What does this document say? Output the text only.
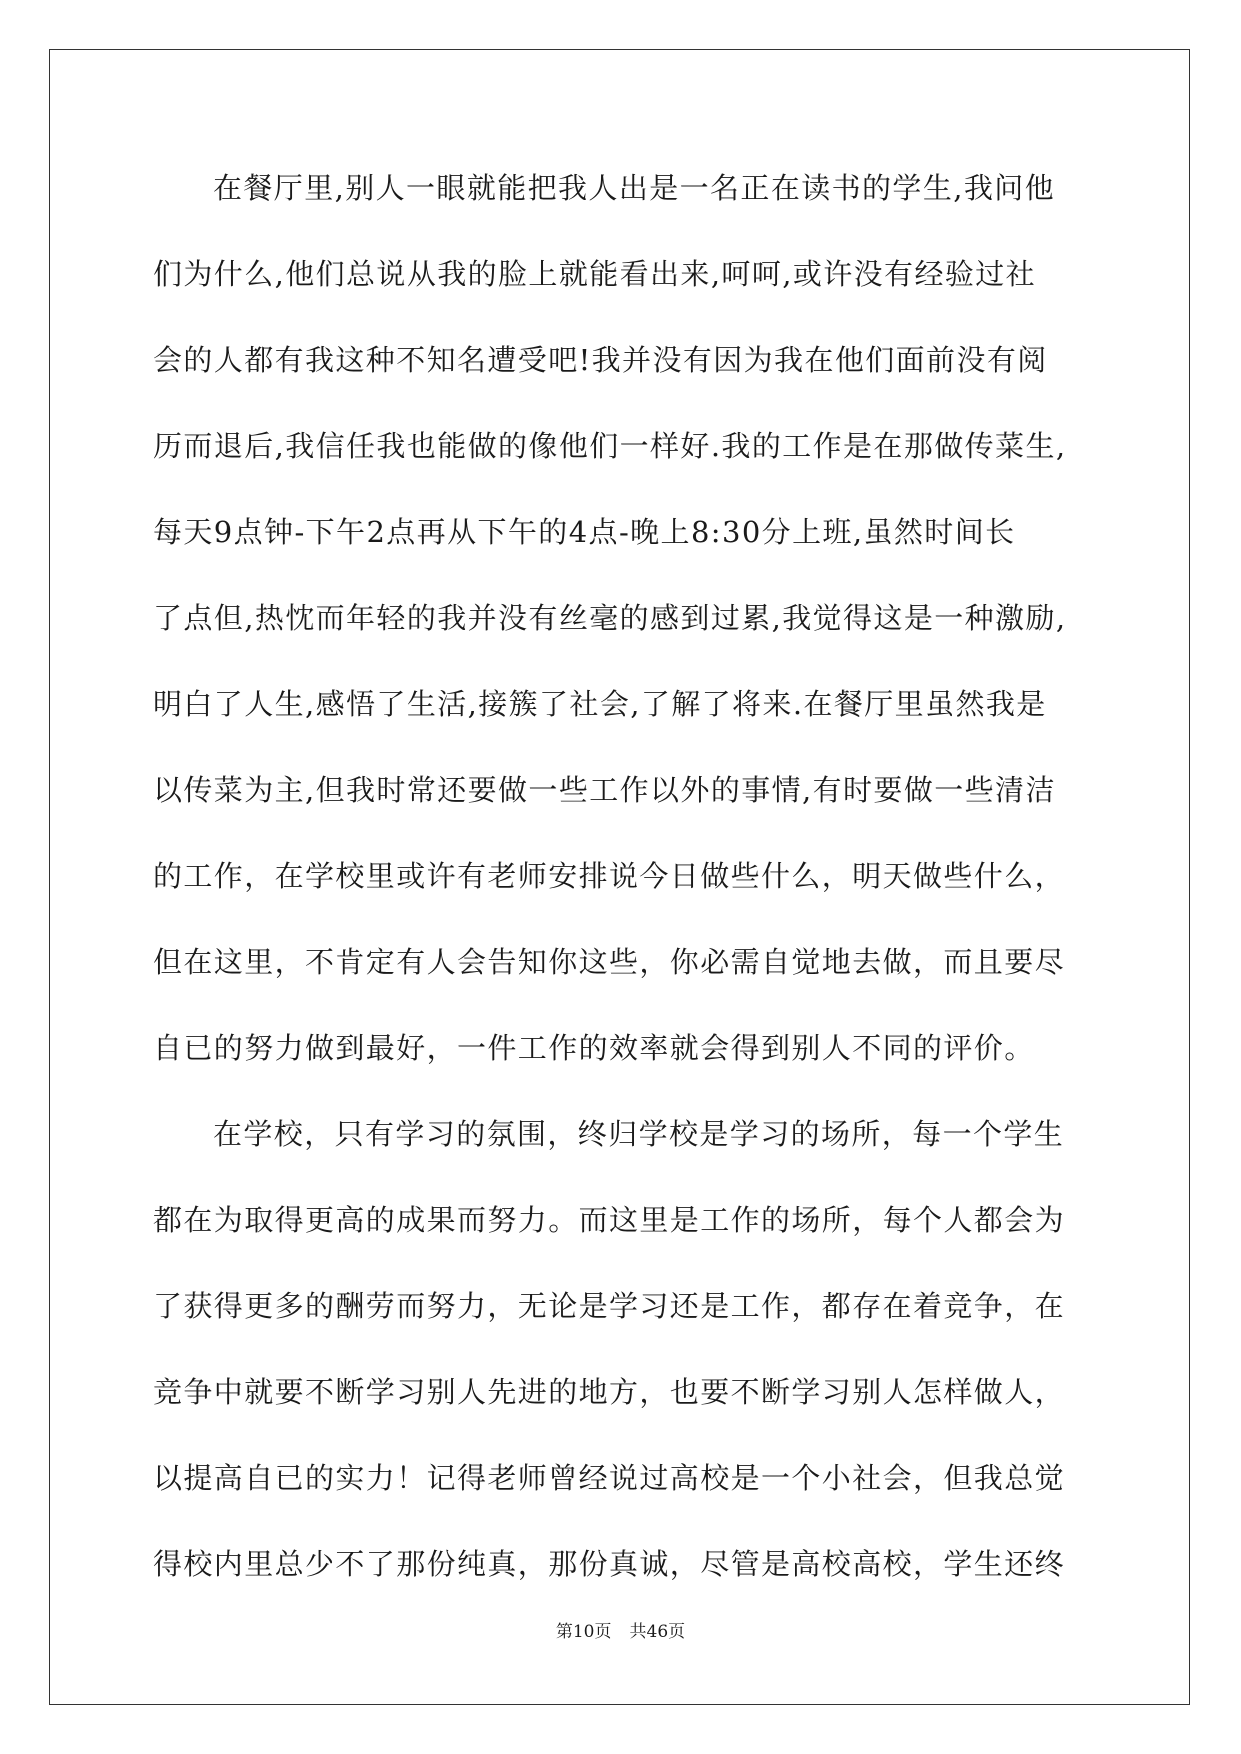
在餐厅里,别人一眼就能把我人出是一名正在读书的学生,我问他
们为什么,他们总说从我的脸上就能看出来,呵呵,或许没有经验过社
会的人都有我这种不知名遭受吧!我并没有因为我在他们面前没有阅
历而退后,我信任我也能做的像他们一样好.我的工作是在那做传菜生,
每天9点钟-下午2点再从下午的4点-晚上8:30分上班,虽然时间长
了点但,热忱而年轻的我并没有丝毫的感到过累,我觉得这是一种激励,
明白了人生,感悟了生活,接簇了社会,了解了将来.在餐厅里虽然我是
以传菜为主,但我时常还要做一些工作以外的事情,有时要做一些清洁
的工作，在学校里或许有老师安排说今日做些什么，明天做些什么，
但在这里，不肯定有人会告知你这些，你必需自觉地去做，而且要尽
自已的努力做到最好，一件工作的效率就会得到别人不同的评价。
在学校，只有学习的氛围，终归学校是学习的场所，每一个学生
都在为取得更高的成果而努力。而这里是工作的场所，每个人都会为
了获得更多的酬劳而努力，无论是学习还是工作，都存在着竞争，在
竞争中就要不断学习别人先进的地方，也要不断学习别人怎样做人，
以提高自已的实力！记得老师曾经说过高校是一个小社会，但我总觉
得校内里总少不了那份纯真，那份真诚，尽管是高校高校，学生还终
第10页 共46页
